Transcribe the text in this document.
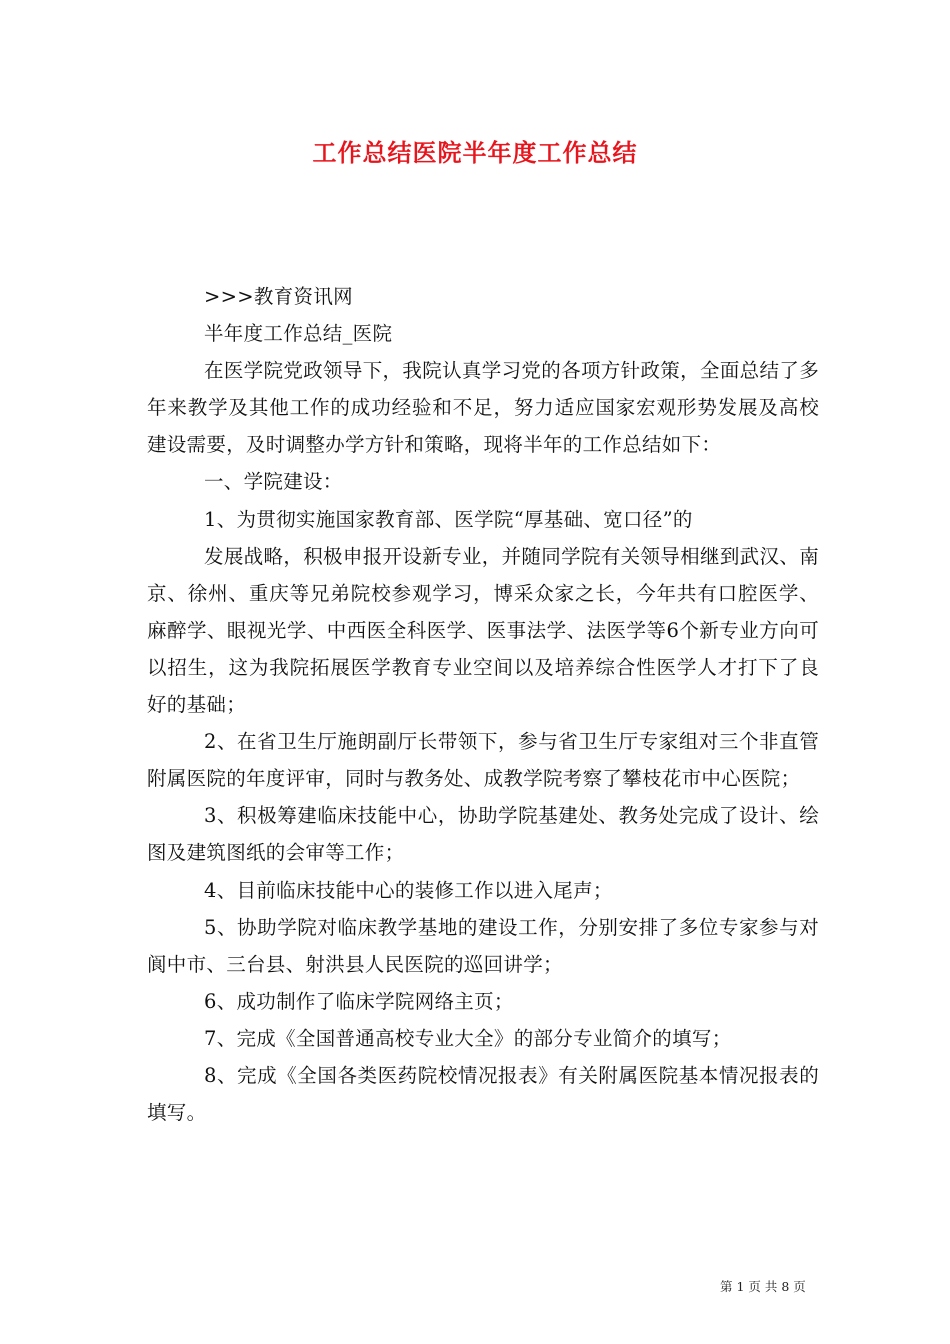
工作总结医院半年度工作总结

>>>教育资讯网

半年度工作总结_医院

在医学院党政领导下，我院认真学习党的各项方针政策，全面总结了多年来教学及其他工作的成功经验和不足，努力适应国家宏观形势发展及高校建设需要，及时调整办学方针和策略，现将半年的工作总结如下：

一、学院建设：

1、为贯彻实施国家教育部、医学院“厚基础、宽口径”的

发展战略，积极申报开设新专业，并随同学院有关领导相继到武汉、南京、徐州、重庆等兄弟院校参观学习，博采众家之长，今年共有口腔医学、麻醉学、眼视光学、中西医全科医学、医事法学、法医学等6个新专业方向可以招生，这为我院拓展医学教育专业空间以及培养综合性医学人才打下了良好的基础；

2、在省卫生厅施朗副厅长带领下，参与省卫生厅专家组对三个非直管附属医院的年度评审，同时与教务处、成教学院考察了攀枝花市中心医院；

3、积极筹建临床技能中心，协助学院基建处、教务处完成了设计、绘图及建筑图纸的会审等工作；

4、目前临床技能中心的装修工作以进入尾声；

5、协助学院对临床教学基地的建设工作，分别安排了多位专家参与对阆中市、三台县、射洪县人民医院的巡回讲学；

6、成功制作了临床学院网络主页；

7、完成《全国普通高校专业大全》的部分专业简介的填写；

8、完成《全国各类医药院校情况报表》有关附属医院基本情况报表的填写。

第 1 页 共 8 页
